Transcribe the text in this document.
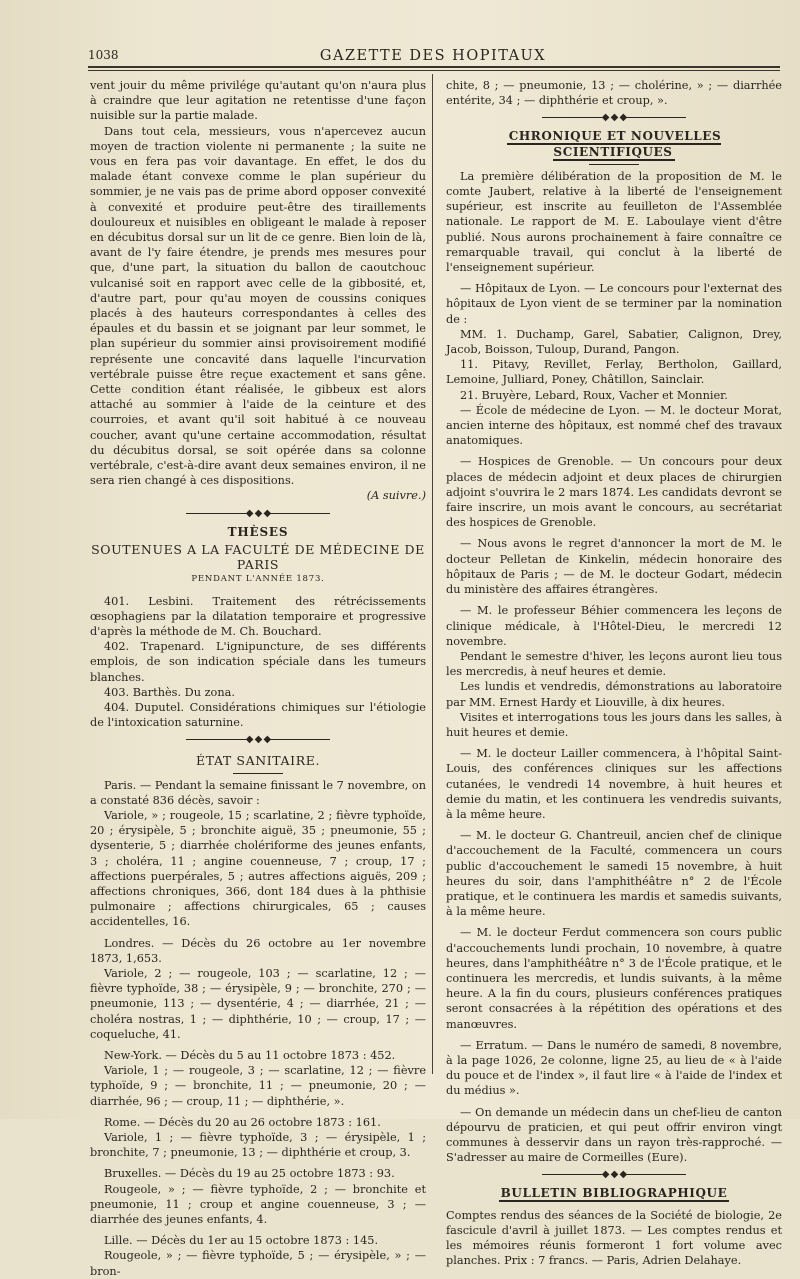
1038	GAZETTE DES HOPITAUX

vent jouir du même privilége qu'autant qu'on n'aura plus à craindre que leur agitation ne retentisse d'une façon nuisible sur la partie malade.

Dans tout cela, messieurs, vous n'apercevez aucun moyen de traction violente ni permanente ; la suite ne vous en fera pas voir davantage. En effet, le dos du malade étant convexe comme le plan supérieur du sommier, je ne vais pas de prime abord opposer convexité à convexité et produire peut-être des tiraillements douloureux et nuisibles en obligeant le malade à reposer en décubitus dorsal sur un lit de ce genre. Bien loin de là, avant de l'y faire étendre, je prends mes mesures pour que, d'une part, la situation du ballon de caoutchouc vulcanisé soit en rapport avec celle de la gibbosité, et, d'autre part, pour qu'au moyen de coussins coniques placés à des hauteurs correspondantes à celles des épaules et du bassin et se joignant par leur sommet, le plan supérieur du sommier ainsi provisoirement modifié représente une concavité dans laquelle l'incurvation vertébrale puisse être reçue exactement et sans gêne. Cette condition étant réalisée, le gibbeux est alors attaché au sommier à l'aide de la ceinture et des courroies, et avant qu'il soit habitué à ce nouveau coucher, avant qu'une certaine accommodation, résultat du décubitus dorsal, se soit opérée dans sa colonne vertébrale, c'est-à-dire avant deux semaines environ, il ne sera rien changé à ces dispositions.

(A suivre.)

◆ ◆ ◆

THÈSES

SOUTENUES A LA FACULTÉ DE MÉDECINE DE PARIS

PENDANT L'ANNÉE 1873.

401. Lesbini. Traitement des rétrécissements œsophagiens par la dilatation temporaire et progressive d'après la méthode de M. Ch. Bouchard.

402. Trapenard. L'ignipuncture, de ses différents emplois, de son indication spéciale dans les tumeurs blanches.

403. Barthès. Du zona.

404. Duputel. Considérations chimiques sur l'étiologie de l'intoxication saturnine.

◆ ◆ ◆

ÉTAT SANITAIRE.

Paris. — Pendant la semaine finissant le 7 novembre, on a constaté 836 décès, savoir :

Variole, » ; rougeole, 15 ; scarlatine, 2 ; fièvre typhoïde, 20 ; érysipèle, 5 ; bronchite aiguë, 35 ; pneumonie, 55 ; dysenterie, 5 ; diarrhée cholériforme des jeunes enfants, 3 ; choléra, 11 ; angine couenneuse, 7 ; croup, 17 ; affections puerpérales, 5 ; autres affections aiguës, 209 ; affections chroniques, 366, dont 184 dues à la phthisie pulmonaire ; affections chirurgicales, 65 ; causes accidentelles, 16.

Londres. — Décès du 26 octobre au 1er novembre 1873, 1,653.

Variole, 2 ; — rougeole, 103 ; — scarlatine, 12 ; — fièvre typhoïde, 38 ; — érysipèle, 9 ; — bronchite, 270 ; — pneumonie, 113 ; — dysentérie, 4 ; — diarrhée, 21 ; — choléra nostras, 1 ; — diphthérie, 10 ; — croup, 17 ; — coqueluche, 41.

New-York. — Décès du 5 au 11 octobre 1873 : 452.

Variole, 1 ; — rougeole, 3 ; — scarlatine, 12 ; — fièvre typhoïde, 9 ; — bronchite, 11 ; — pneumonie, 20 ; — diarrhée, 96 ; — croup, 11 ; — diphthérie, ».

Rome. — Décès du 20 au 26 octobre 1873 : 161.

Variole, 1 ; — fièvre typhoïde, 3 ; — érysipèle, 1 ; bronchite, 7 ; pneumonie, 13 ; — diphthérie et croup, 3.

Bruxelles. — Décès du 19 au 25 octobre 1873 : 93.

Rougeole, » ; — fièvre typhoïde, 2 ; — bronchite et pneumonie, 11 ; croup et angine couenneuse, 3 ; — diarrhée des jeunes enfants, 4.

Lille. — Décès du 1er au 15 octobre 1873 : 145.

Rougeole, » ; — fièvre typhoïde, 5 ; — érysipèle, » ; — bron-

chite, 8 ; — pneumonie, 13 ; — cholérine, » ; — diarrhée entérite, 34 ; — diphthérie et croup, ».

◆ ◆ ◆

CHRONIQUE ET NOUVELLES SCIENTIFIQUES

La première délibération de la proposition de M. le comte Jaubert, relative à la liberté de l'enseignement supérieur, est inscrite au feuilleton de l'Assemblée nationale. Le rapport de M. E. Laboulaye vient d'être publié. Nous aurons prochainement à faire connaître ce remarquable travail, qui conclut à la liberté de l'enseignement supérieur.

— Hôpitaux de Lyon. — Le concours pour l'externat des hôpitaux de Lyon vient de se terminer par la nomination de :

MM. 1. Duchamp, Garel, Sabatier, Calignon, Drey, Jacob, Boisson, Tuloup, Durand, Pangon.

11. Pitavy, Revillet, Ferlay, Bertholon, Gaillard, Lemoine, Julliard, Poney, Châtillon, Sainclair.

21. Bruyère, Lebard, Roux, Vacher et Monnier.

— École de médecine de Lyon. — M. le docteur Morat, ancien interne des hôpitaux, est nommé chef des travaux anatomiques.

— Hospices de Grenoble. — Un concours pour deux places de médecin adjoint et deux places de chirurgien adjoint s'ouvrira le 2 mars 1874. Les candidats devront se faire inscrire, un mois avant le concours, au secrétariat des hospices de Grenoble.

— Nous avons le regret d'annoncer la mort de M. le docteur Pelletan de Kinkelin, médecin honoraire des hôpitaux de Paris ; — de M. le docteur Godart, médecin du ministère des affaires étrangères.

— M. le professeur Béhier commencera les leçons de clinique médicale, à l'Hôtel-Dieu, le mercredi 12 novembre.

Pendant le semestre d'hiver, les leçons auront lieu tous les mercredis, à neuf heures et demie.

Les lundis et vendredis, démonstrations au laboratoire par MM. Ernest Hardy et Liouville, à dix heures.

Visites et interrogations tous les jours dans les salles, à huit heures et demie.

— M. le docteur Lailler commencera, à l'hôpital Saint-Louis, des conférences cliniques sur les affections cutanées, le vendredi 14 novembre, à huit heures et demie du matin, et les continuera les vendredis suivants, à la même heure.

— M. le docteur G. Chantreuil, ancien chef de clinique d'accouchement de la Faculté, commencera un cours public d'accouchement le samedi 15 novembre, à huit heures du soir, dans l'amphithéâtre n° 2 de l'École pratique, et le continuera les mardis et samedis suivants, à la même heure.

— M. le docteur Ferdut commencera son cours public d'accouchements lundi prochain, 10 novembre, à quatre heures, dans l'amphithéâtre n° 3 de l'École pratique, et le continuera les mercredis, et lundis suivants, à la même heure. A la fin du cours, plusieurs conférences pratiques seront consacrées à la répétition des opérations et des manœuvres.

— Erratum. — Dans le numéro de samedi, 8 novembre, à la page 1026, 2e colonne, ligne 25, au lieu de « à l'aide du pouce et de l'index », il faut lire « à l'aide de l'index et du médius ».

— On demande un médecin dans un chef-lieu de canton dépourvu de praticien, et qui peut offrir environ vingt communes à desservir dans un rayon très-rapproché. — S'adresser au maire de Cormeilles (Eure).

◆ ◆ ◆

BULLETIN BIBLIOGRAPHIQUE

Comptes rendus des séances de la Société de biologie, 2e fascicule d'avril à juillet 1873. — Les comptes rendus et les mémoires réunis formeront 1 fort volume avec planches. Prix : 7 francs. — Paris, Adrien Delahaye.
